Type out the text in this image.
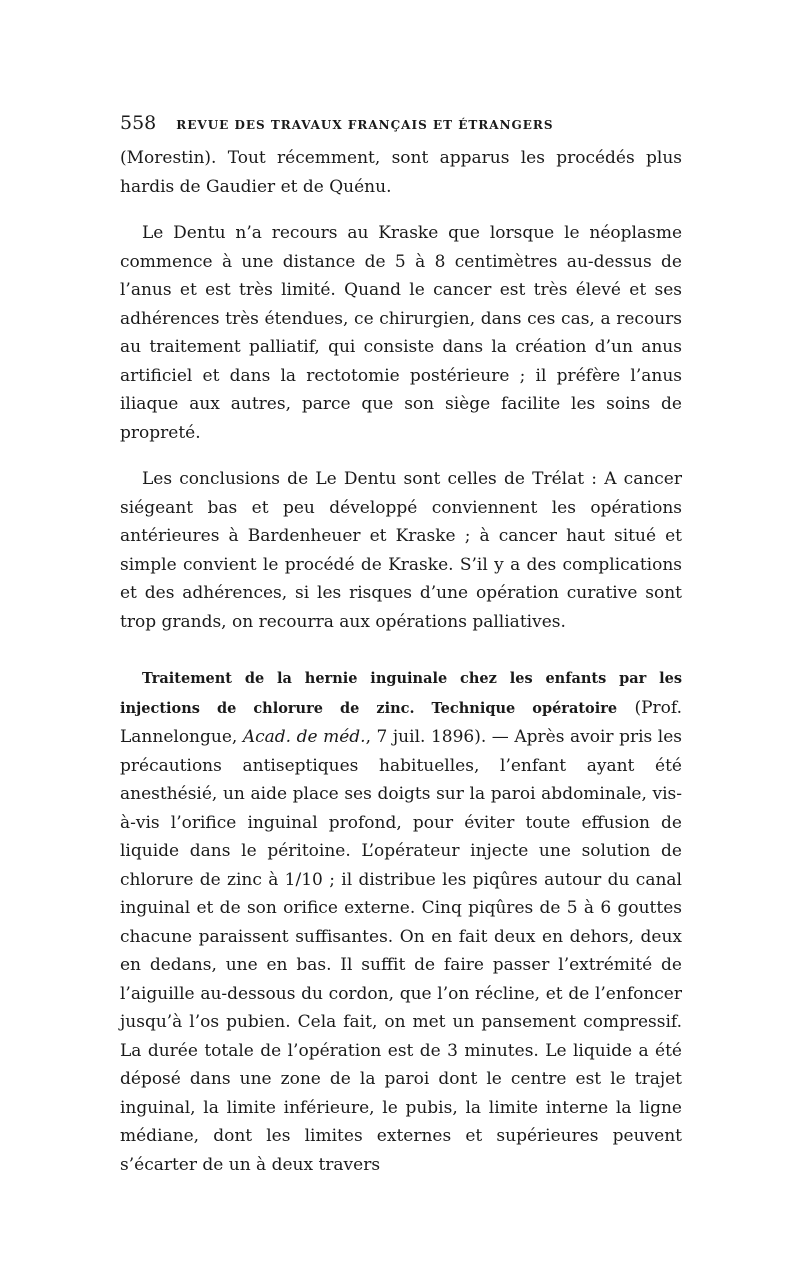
558 REVUE DES TRAVAUX FRANÇAIS ET ÉTRANGERS

(Morestin). Tout récemment, sont apparus les procédés plus hardis de Gaudier et de Quénu.

Le Dentu n’a recours au Kraske que lorsque le néoplasme commence à une distance de 5 à 8 centimètres au-dessus de l’anus et est très limité. Quand le cancer est très élevé et ses adhérences très étendues, ce chirurgien, dans ces cas, a recours au traitement palliatif, qui consiste dans la création d’un anus artificiel et dans la rectotomie postérieure ; il préfère l’anus iliaque aux autres, parce que son siège facilite les soins de propreté.

Les conclusions de Le Dentu sont celles de Trélat : A cancer siégeant bas et peu développé conviennent les opérations antérieures à Bardenheuer et Kraske ; à cancer haut situé et simple convient le procédé de Kraske. S’il y a des complications et des adhérences, si les risques d’une opération curative sont trop grands, on recourra aux opérations palliatives.

Traitement de la hernie inguinale chez les enfants par les injections de chlorure de zinc. Technique opératoire (Prof. Lannelongue, Acad. de méd., 7 juil. 1896). — Après avoir pris les précautions antiseptiques habituelles, l’enfant ayant été anesthésié, un aide place ses doigts sur la paroi abdominale, vis-à-vis l’orifice inguinal profond, pour éviter toute effusion de liquide dans le péritoine. L’opérateur injecte une solution de chlorure de zinc à 1/10 ; il distribue les piqûres autour du canal inguinal et de son orifice externe. Cinq piqûres de 5 à 6 gouttes chacune paraissent suffisantes. On en fait deux en dehors, deux en dedans, une en bas. Il suffit de faire passer l’extrémité de l’aiguille au-dessous du cordon, que l’on récline, et de l’enfoncer jusqu’à l’os pubien. Cela fait, on met un pansement compressif. La durée totale de l’opération est de 3 minutes. Le liquide a été déposé dans une zone de la paroi dont le centre est le trajet inguinal, la limite inférieure, le pubis, la limite interne la ligne médiane, dont les limites externes et supérieures peuvent s’écarter de un à deux travers
